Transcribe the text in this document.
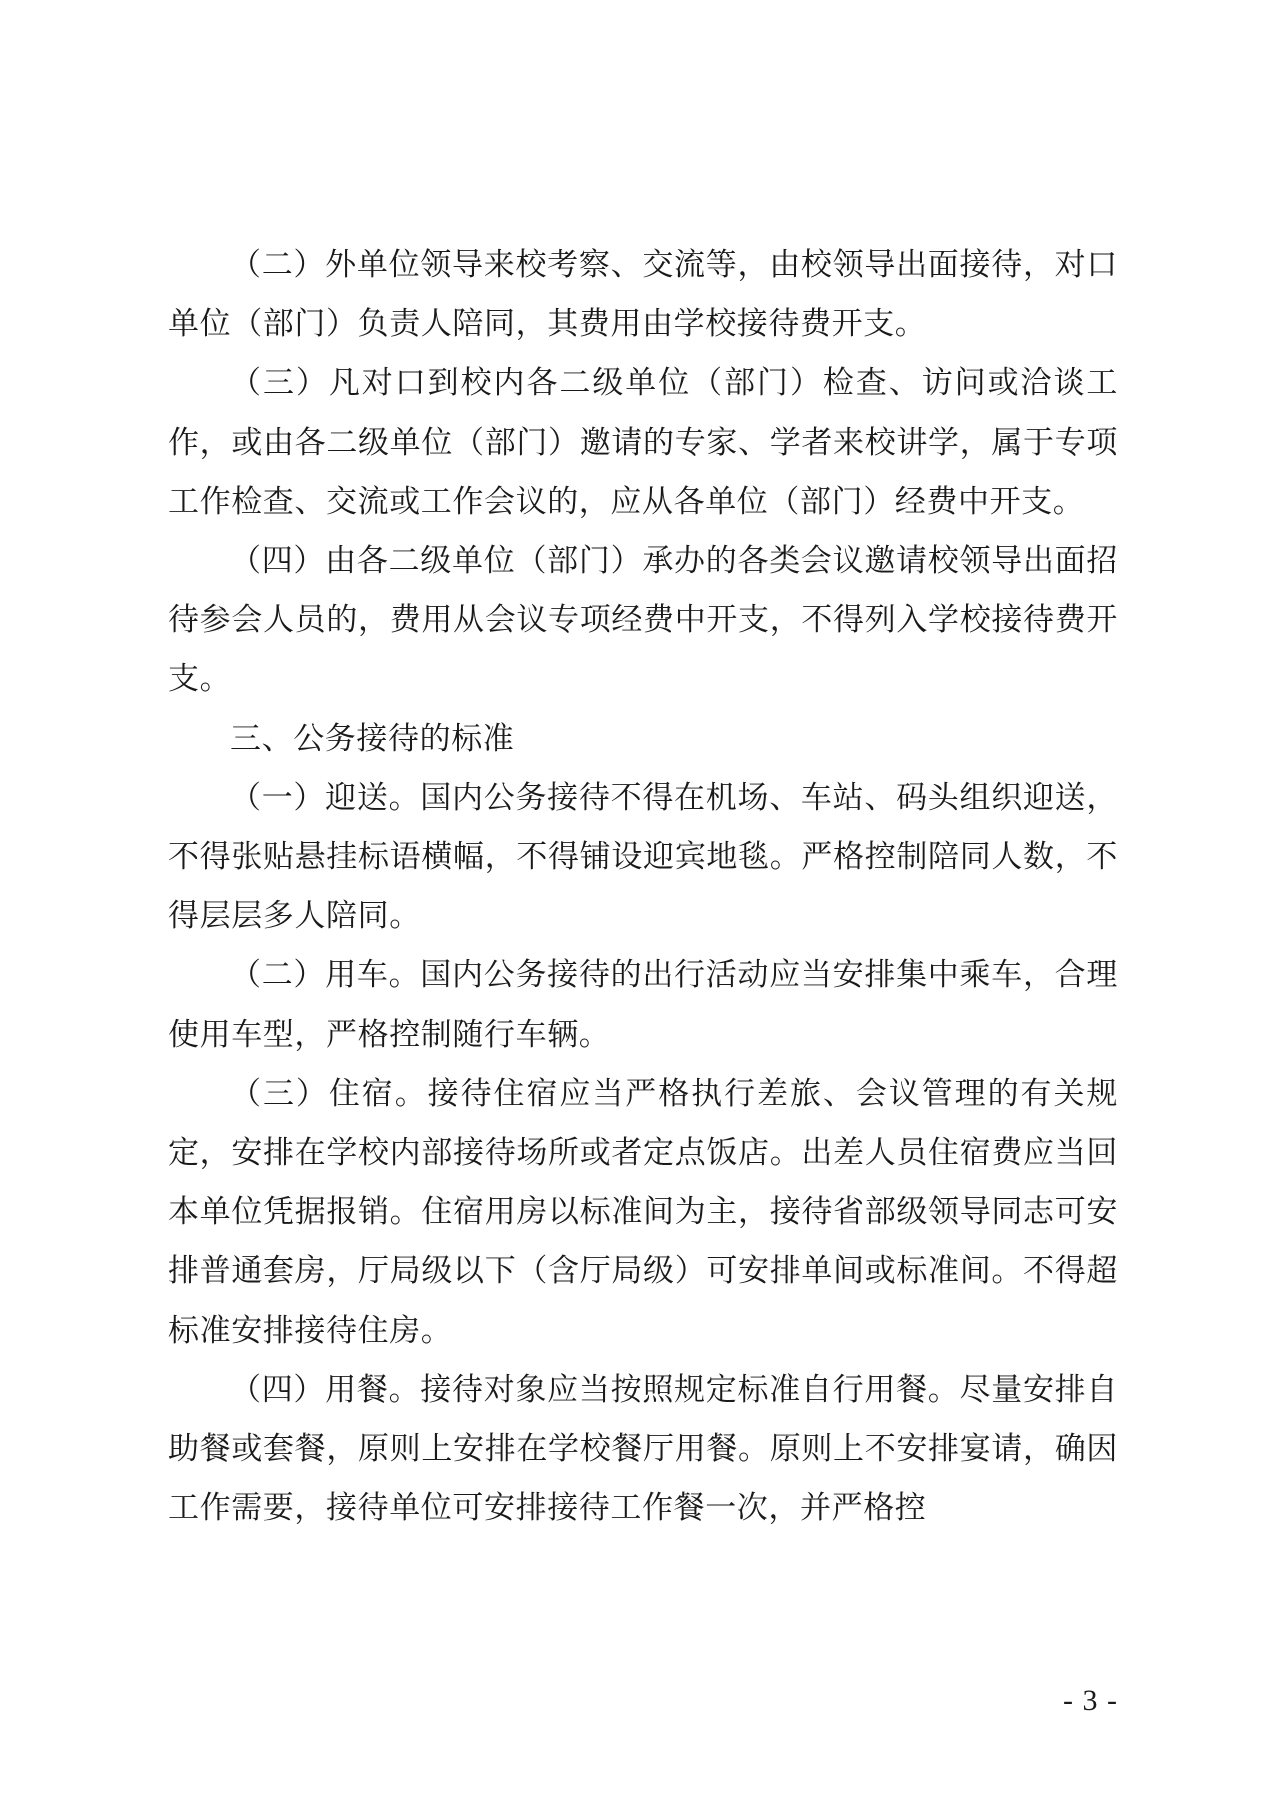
（二）外单位领导来校考察、交流等，由校领导出面接待，对口单位（部门）负责人陪同，其费用由学校接待费开支。

（三）凡对口到校内各二级单位（部门）检查、访问或洽谈工作，或由各二级单位（部门）邀请的专家、学者来校讲学，属于专项工作检查、交流或工作会议的，应从各单位（部门）经费中开支。

（四）由各二级单位（部门）承办的各类会议邀请校领导出面招待参会人员的，费用从会议专项经费中开支，不得列入学校接待费开支。

三、公务接待的标准

（一）迎送。国内公务接待不得在机场、车站、码头组织迎送，不得张贴悬挂标语横幅，不得铺设迎宾地毯。严格控制陪同人数，不得层层多人陪同。

（二）用车。国内公务接待的出行活动应当安排集中乘车，合理使用车型，严格控制随行车辆。

（三）住宿。接待住宿应当严格执行差旅、会议管理的有关规定，安排在学校内部接待场所或者定点饭店。出差人员住宿费应当回本单位凭据报销。住宿用房以标准间为主，接待省部级领导同志可安排普通套房，厅局级以下（含厅局级）可安排单间或标准间。不得超标准安排接待住房。

（四）用餐。接待对象应当按照规定标准自行用餐。尽量安排自助餐或套餐，原则上安排在学校餐厅用餐。原则上不安排宴请，确因工作需要，接待单位可安排接待工作餐一次，并严格控

- 3 -
